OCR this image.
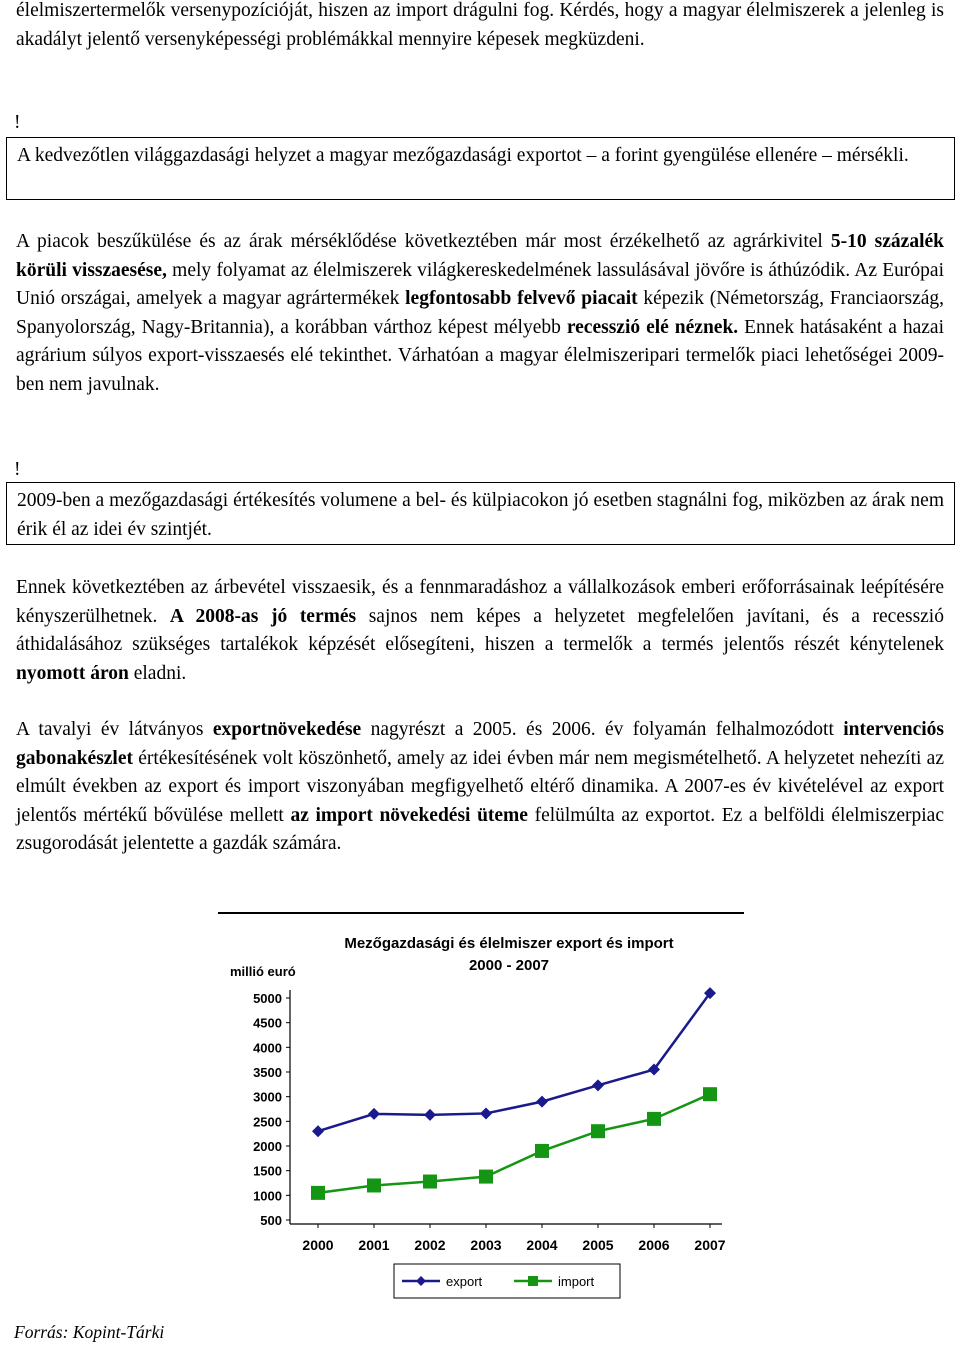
élelmiszertermelők versenypozícióját, hiszen az import drágulni fog. Kérdés, hogy a magyar élelmiszerek a jelenleg is akadályt jelentő versenyképességi problémákkal mennyire képesek megküzdeni.
!
A kedvezőtlen világgazdasági helyzet a magyar mezőgazdasági exportot – a forint gyengülése ellenére – mérsékli.
A piacok beszűkülése és az árak mérséklődése következtében már most érzékelhető az agrárkivitel 5-10 százalék körüli visszaesése, mely folyamat az élelmiszerek világkereskedelmének lassulásával jövőre is áthúzódik. Az Európai Unió országai, amelyek a magyar agrártermékek legfontosabb felvevő piacait képezik (Németország, Franciaország, Spanyolország, Nagy-Britannia), a korábban várthoz képest mélyebb recesszió elé néznek. Ennek hatásaként a hazai agrárium súlyos export-visszaesés elé tekinthet. Várhatóan a magyar élelmiszeripari termelők piaci lehetőségei 2009-ben nem javulnak.
!
2009-ben a mezőgazdasági értékesítés volumene a bel- és külpiacokon jó esetben stagnálni fog, miközben az árak nem érik él az idei év szintjét.
Ennek következtében az árbevétel visszaesik, és a fennmaradáshoz a vállalkozások emberi erőforrásainak leépítésére kényszerülhetnek. A 2008-as jó termés sajnos nem képes a helyzetet megfelelően javítani, és a recesszió áthidalásához szükséges tartalékok képzését elősegíteni, hiszen a termelők a termés jelentős részét kénytelenek nyomott áron eladni.
A tavalyi év látványos exportnövekedése nagyrészt a 2005. és 2006. év folyamán felhalmozódott intervenciós gabonakészlet értékesítésének volt köszönhető, amely az idei évben már nem megismételhető. A helyzetet nehezíti az elmúlt években az export és import viszonyában megfigyelhető eltérő dinamika. A 2007-es év kivételével az export jelentős mértékű bővülése mellett az import növekedési üteme felülmúlta az exportot. Ez a belföldi élelmiszerpiac zsugorodását jelentette a gazdák számára.
Mezőgazdasági és élelmiszer export és import
2000 - 2007
millió euró
500
1000
1500
2000
2500
3000
3500
4000
4500
5000
2000 2001 2002 2003 2004 2005 2006 2007
export	import
Forrás: Kopint-Tárki
